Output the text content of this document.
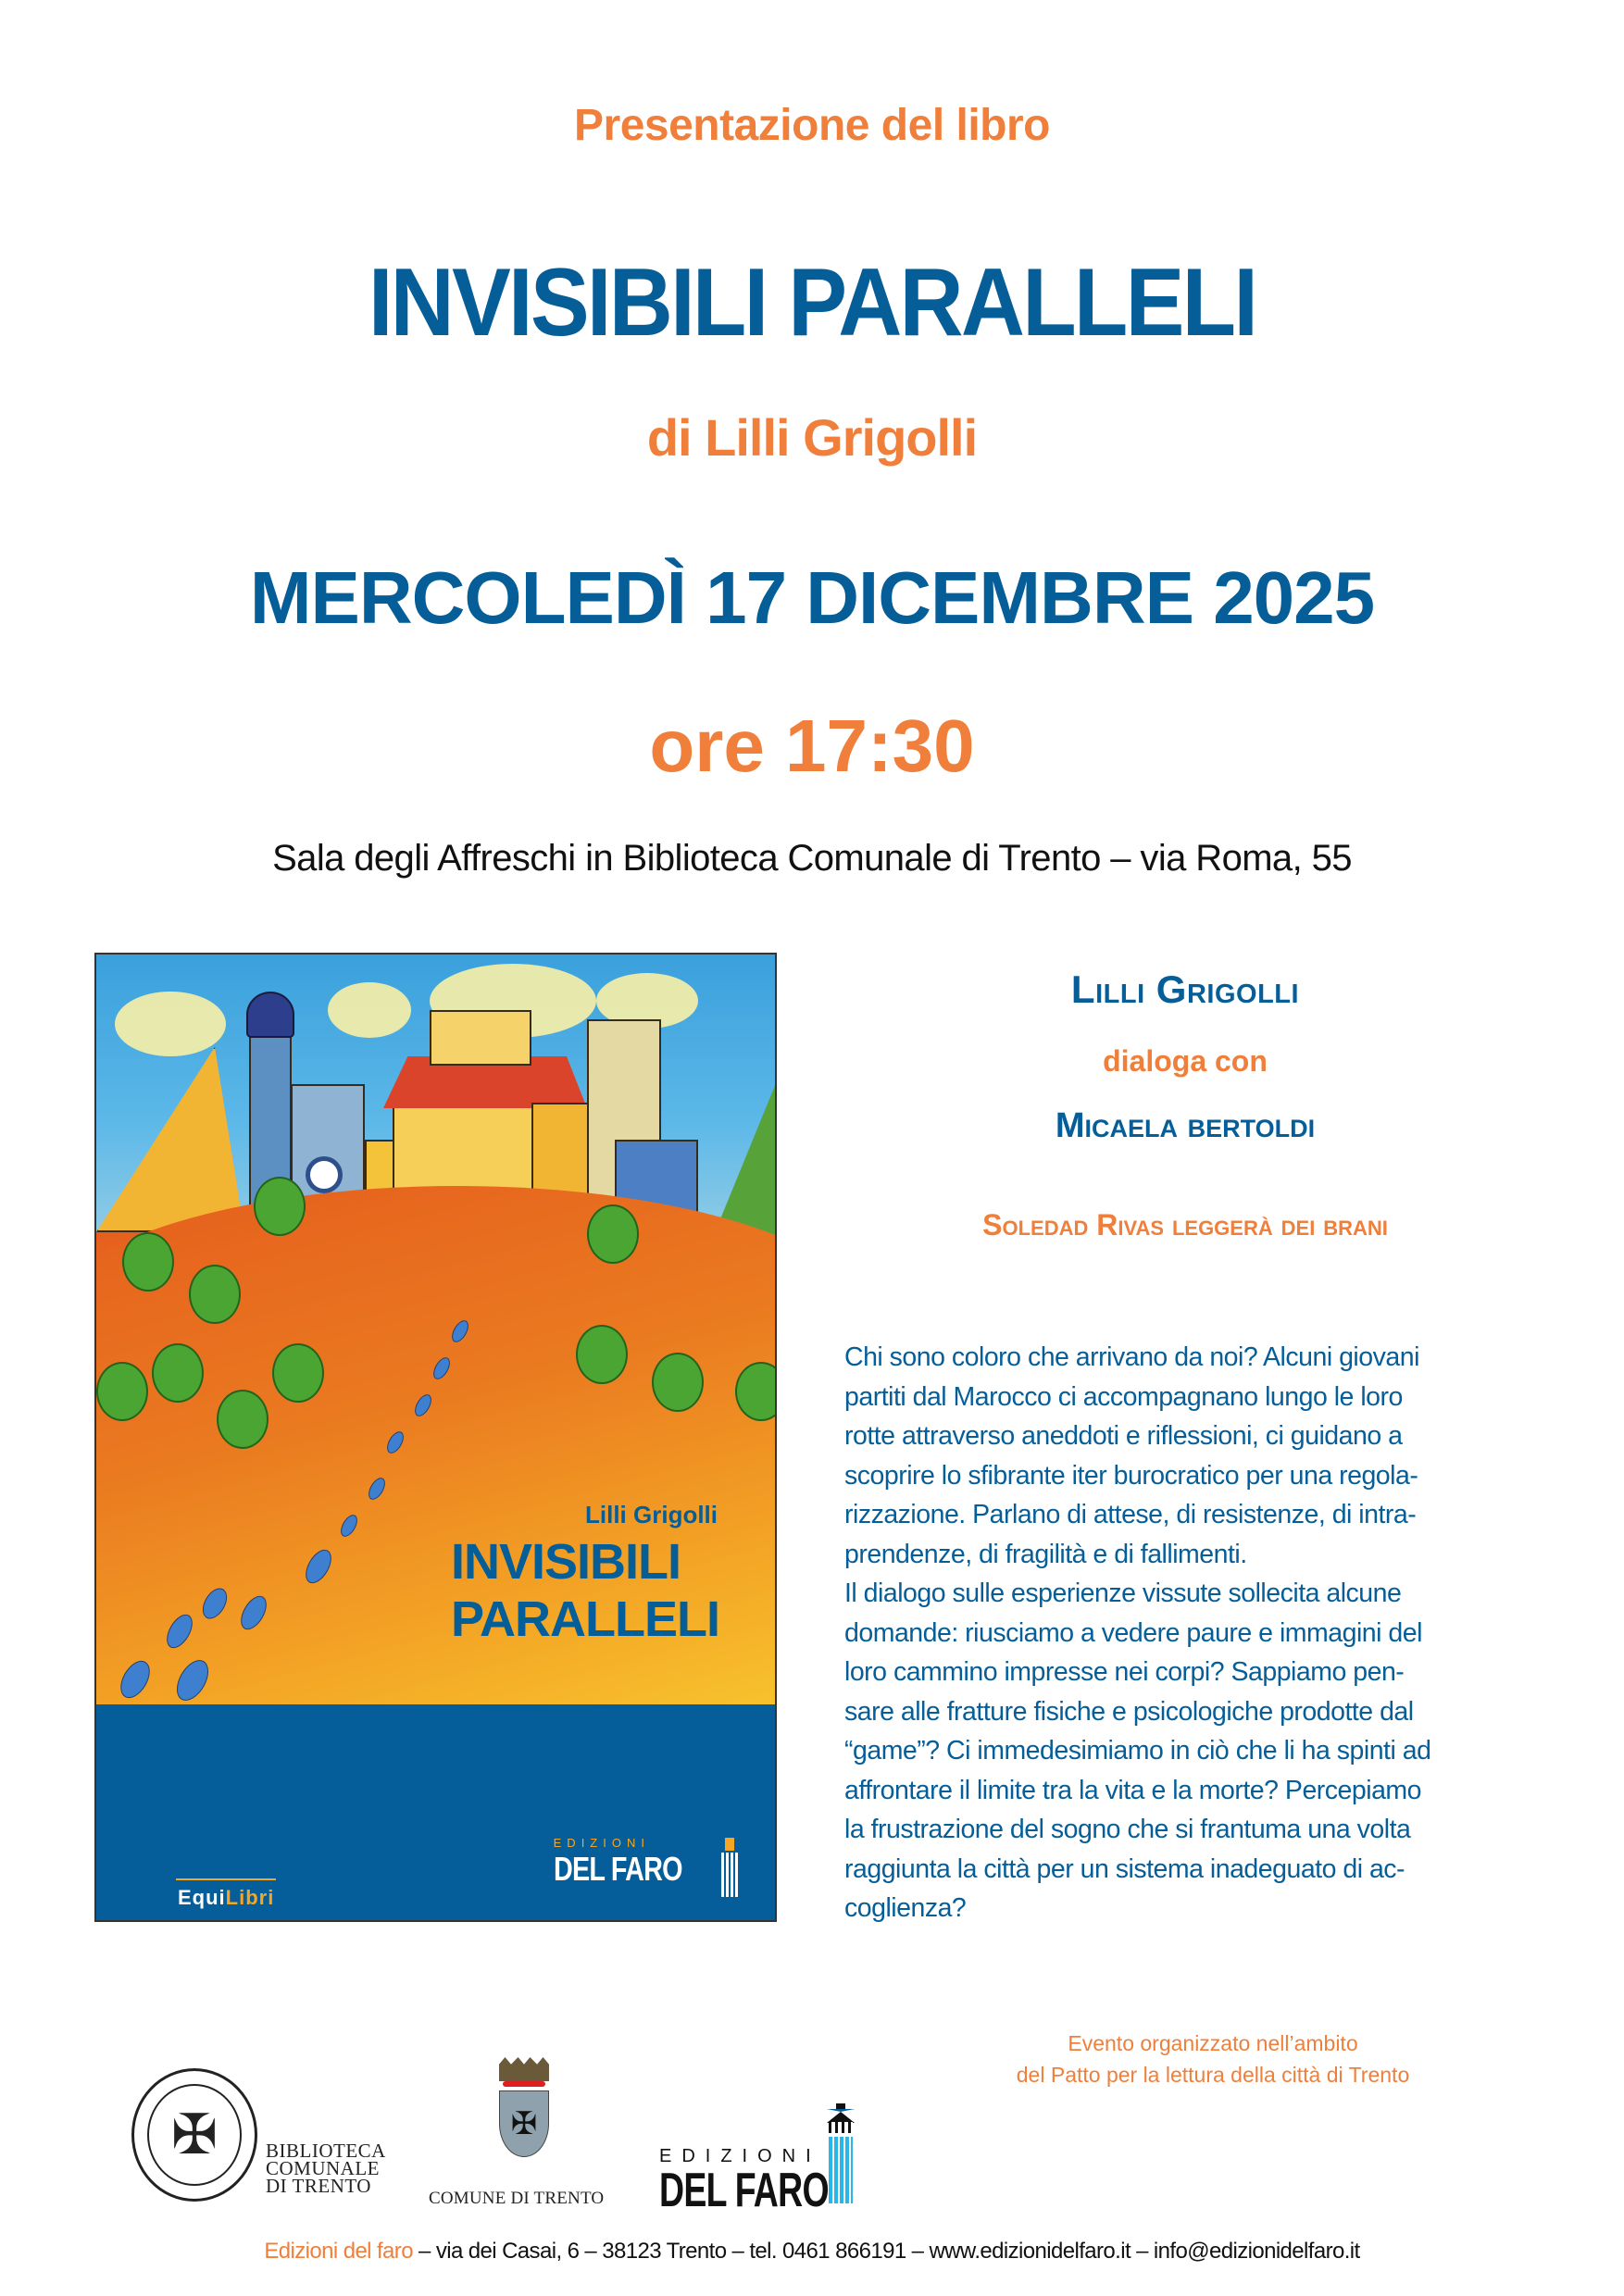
Presentazione del libro
INVISIBILI PARALLELI
di Lilli Grigolli
MERCOLEDÌ 17 DICEMBRE 2025
ore 17:30
Sala degli Affreschi in Biblioteca Comunale di Trento – via Roma, 55
Lilli Grigolli
INVISIBILI
PARALLELI
EquiLibri
EDIZIONI
DEL FARO
Lilli Grigolli
dialoga con
Micaela bertoldi
Soledad Rivas leggerà dei brani
Chi sono coloro che arrivano da noi? Alcuni giovani
partiti dal Marocco ci accompagnano lungo le loro
rotte attraverso aneddoti e riflessioni, ci guidano a
scoprire lo sfibrante iter burocratico per una regola-
rizzazione. Parlano di attese, di resistenze, di intra-
prendenze, di fragilità e di fallimenti.
Il dialogo sulle esperienze vissute sollecita alcune
domande: riusciamo a vedere paure e immagini del
loro cammino impresse nei corpi? Sappiamo pen-
sare alle fratture fisiche e psicologiche prodotte dal
“game”? Ci immedesimiamo in ciò che li ha spinti ad
affrontare il limite tra la vita e la morte? Percepiamo
la frustrazione del sogno che si frantuma una volta
raggiunta la città per un sistema inadeguato di ac-
coglienza?
Evento organizzato nell’ambito
del Patto per la lettura della città di Trento
✠	BIBLIOTECA
COMUNALE
DI TRENTO
✠
COMUNE DI TRENTO
EDIZIONI
DEL FARO
Edizioni del faro – via dei Casai, 6 – 38123 Trento – tel. 0461 866191 – www.edizionidelfaro.it – info@edizionidelfaro.it
